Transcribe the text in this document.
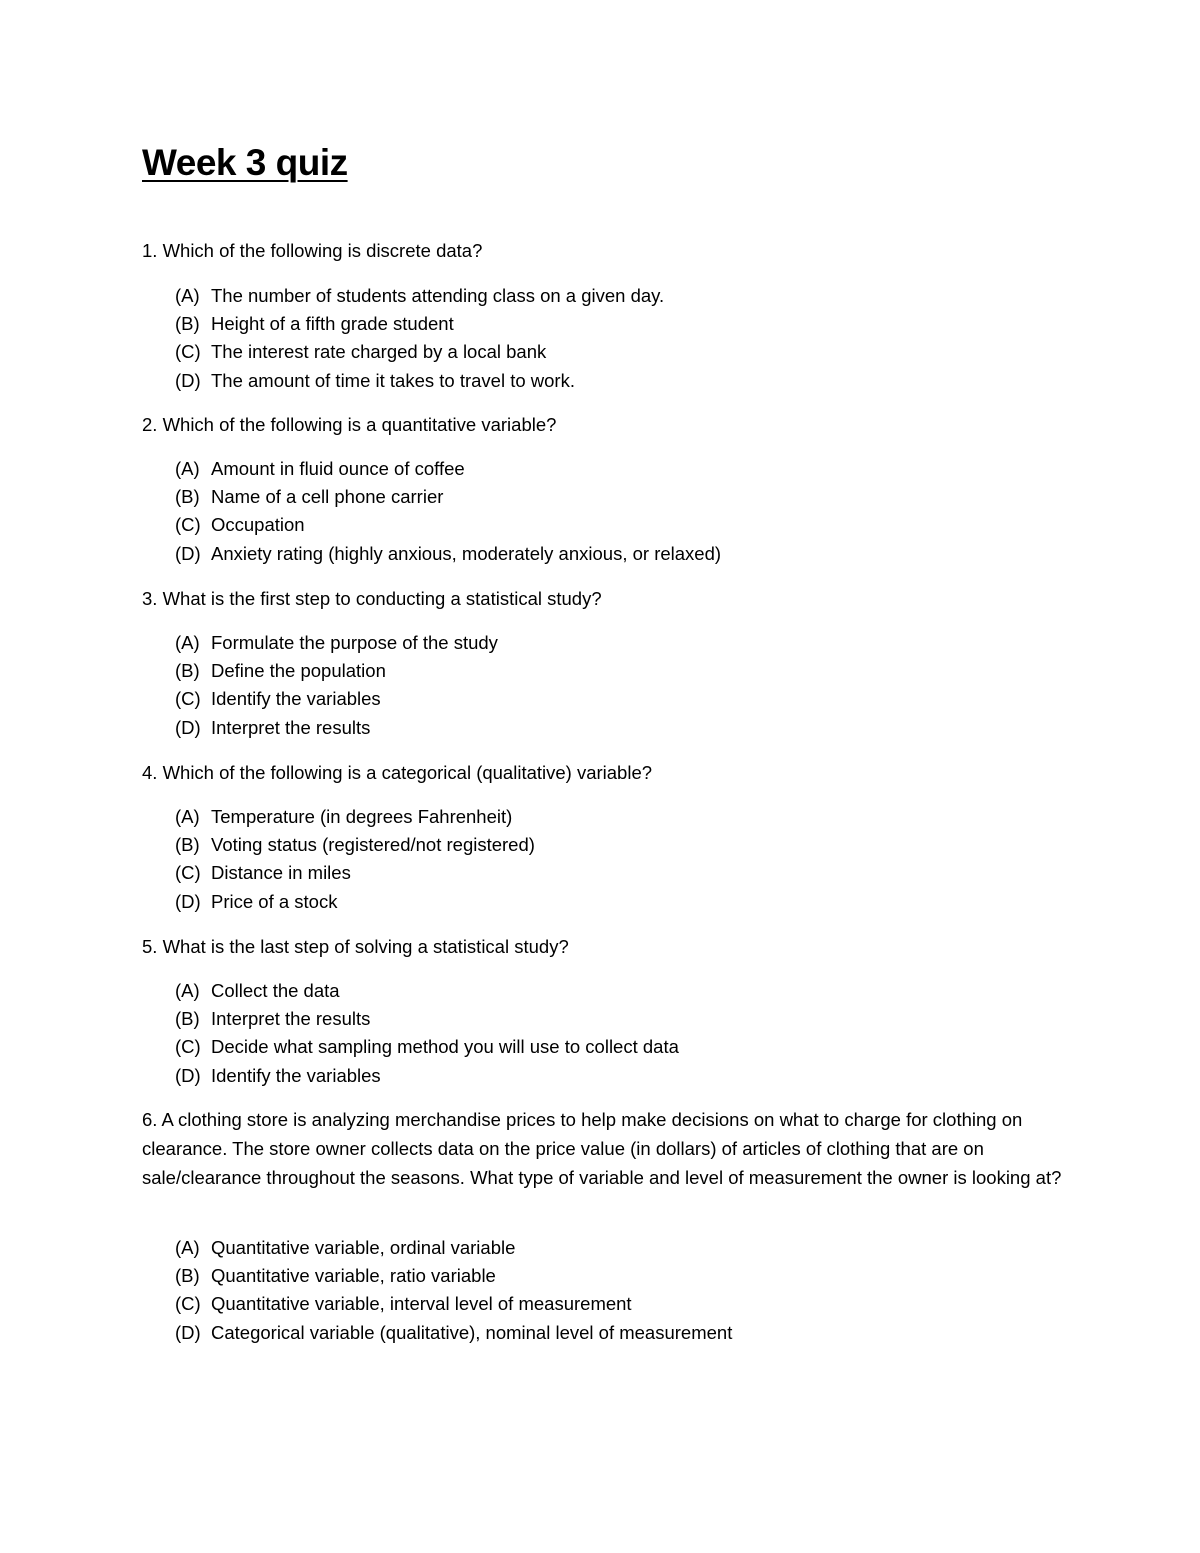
Week 3 quiz
1. Which of the following is discrete data?
(A) The number of students attending class on a given day.
(B) Height of a fifth grade student
(C) The interest rate charged by a local bank
(D) The amount of time it takes to travel to work.
2. Which of the following is a quantitative variable?
(A) Amount in fluid ounce of coffee
(B) Name of a cell phone carrier
(C) Occupation
(D) Anxiety rating (highly anxious, moderately anxious, or relaxed)
3. What is the first step to conducting a statistical study?
(A) Formulate the purpose of the study
(B) Define the population
(C) Identify the variables
(D) Interpret the results
4. Which of the following is a categorical (qualitative) variable?
(A) Temperature (in degrees Fahrenheit)
(B) Voting status (registered/not registered)
(C) Distance in miles
(D) Price of a stock
5. What is the last step of solving a statistical study?
(A) Collect the data
(B) Interpret the results
(C) Decide what sampling method you will use to collect data
(D) Identify the variables
6. A clothing store is analyzing merchandise prices to help make decisions on what to charge for clothing on clearance. The store owner collects data on the price value (in dollars) of articles of clothing that are on sale/clearance throughout the seasons. What type of variable and level of measurement the owner is looking at?
(A) Quantitative variable, ordinal variable
(B) Quantitative variable, ratio variable
(C) Quantitative variable, interval level of measurement
(D) Categorical variable (qualitative), nominal level of measurement
